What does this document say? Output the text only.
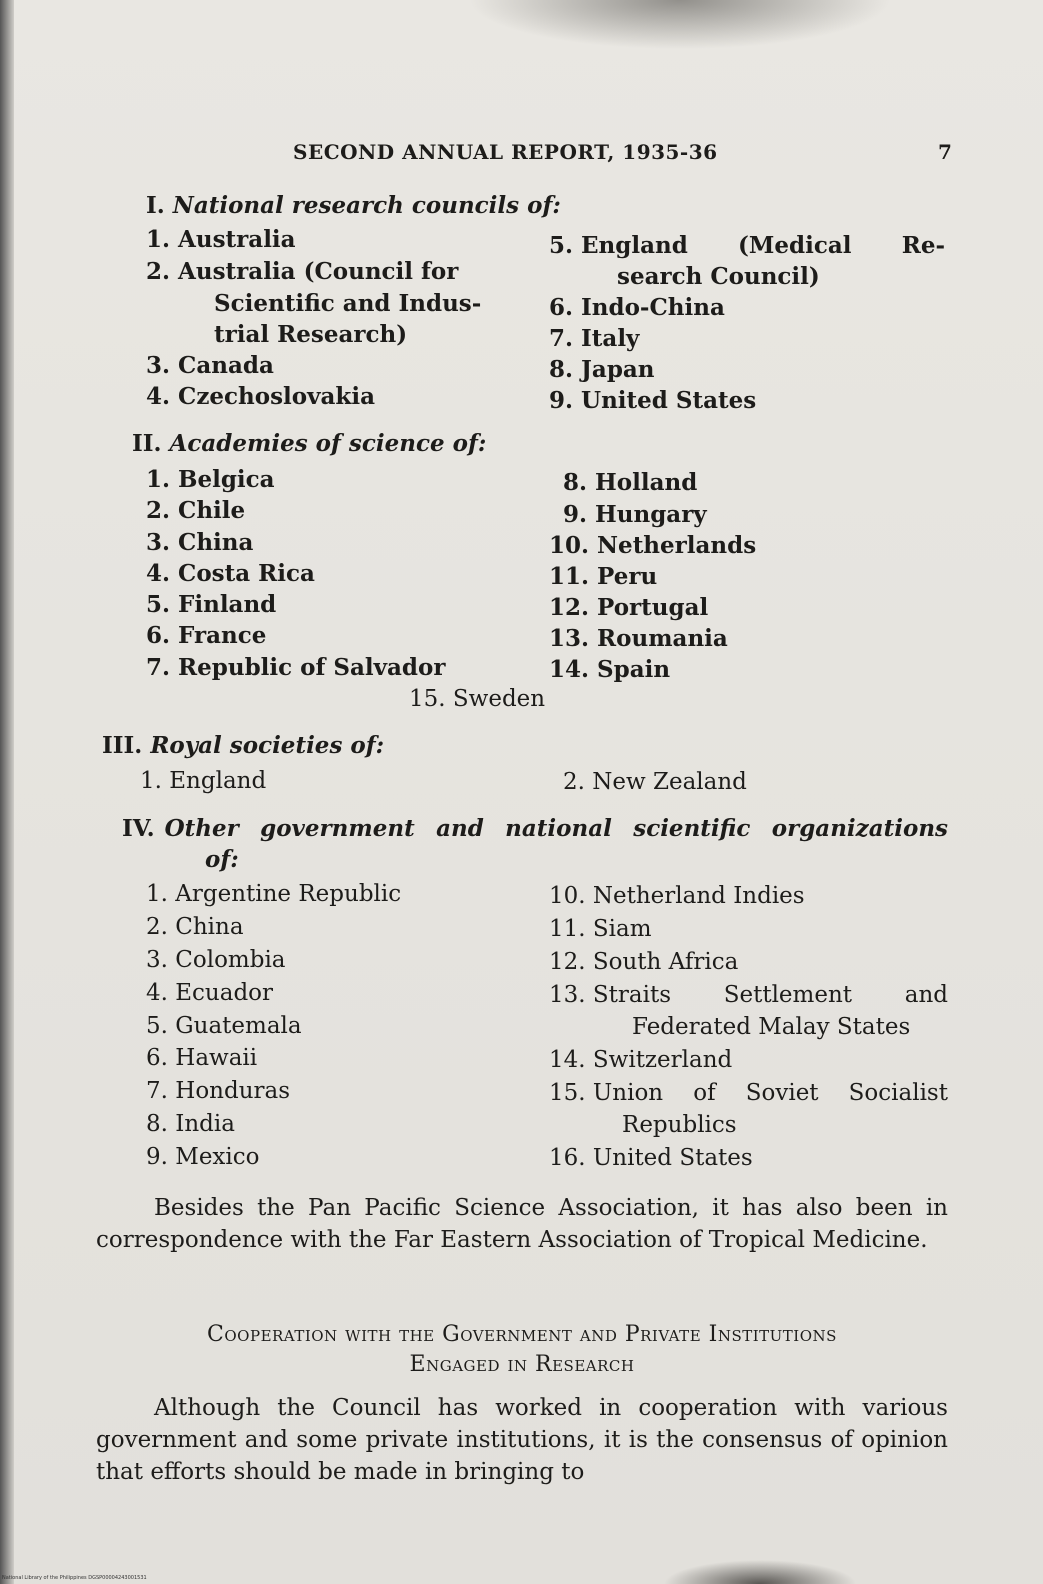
SECOND ANNUAL REPORT, 1935-36	7
I. National research councils of:
1. Australia
2. Australia (Council for
Scientific and Indus-
trial Research)
3. Canada
4. Czechoslovakia
5. England (Medical Re-
search Council)
6. Indo-China
7. Italy
8. Japan
9. United States
II. Academies of science of:
1. Belgica
2. Chile
3. China
4. Costa Rica
5. Finland
6. France
7. Republic of Salvador
8. Holland
9. Hungary
10. Netherlands
11. Peru
12. Portugal
13. Roumania
14. Spain
15. Sweden
III. Royal societies of:
1. England	2. New Zealand
IV. Other government and national scientific organizations
of:
1. Argentine Republic
2. China
3. Colombia
4. Ecuador
5. Guatemala
6. Hawaii
7. Honduras
8. India
9. Mexico
10. Netherland Indies
11. Siam
12. South Africa
13. Straits Settlement and
Federated Malay States
14. Switzerland
15. Union of Soviet Socialist
Republics
16. United States
Besides the Pan Pacific Science Association, it has also been in correspondence with the Far Eastern Association of Tropical Medicine.
Cooperation with the Government and Private Institutions
Engaged in Research
Although the Council has worked in cooperation with various government and some private institutions, it is the consensus of opinion that efforts should be made in bringing to
National Library of the Philippines DGSP00004243001531
